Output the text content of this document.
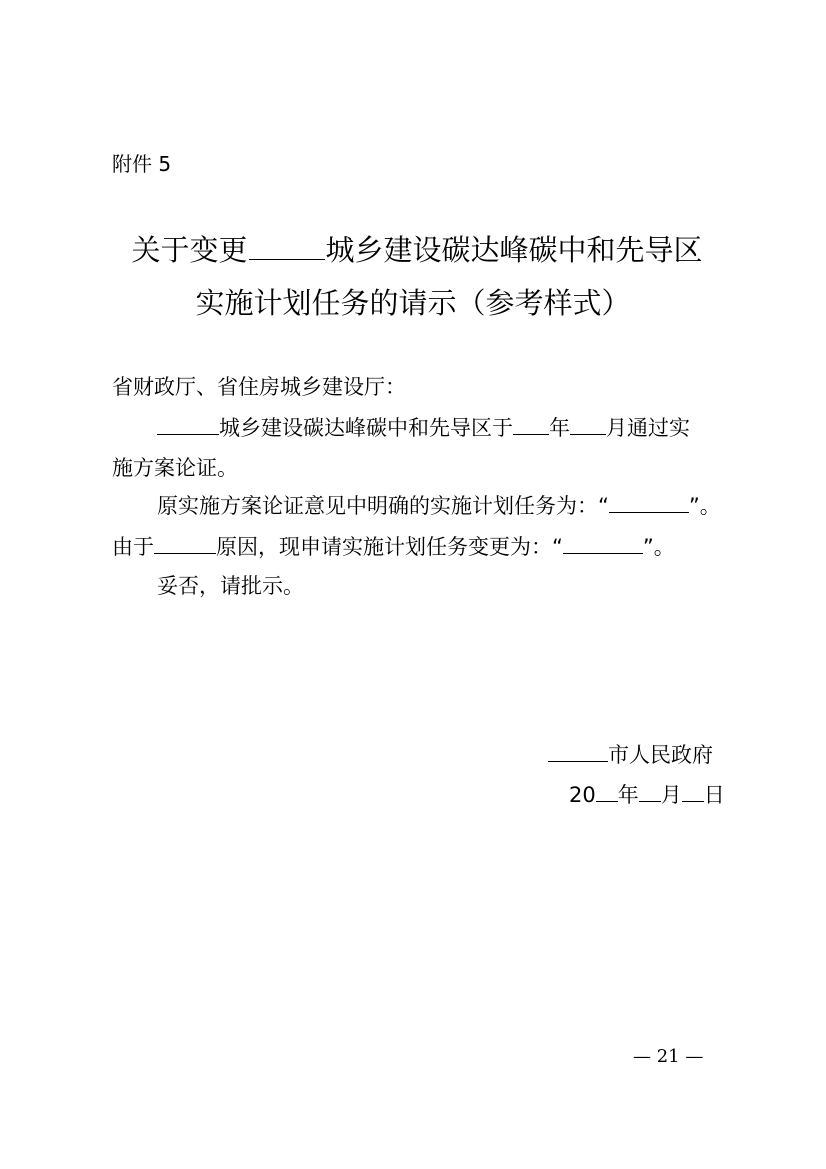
附件 5
关于变更	城乡建设碳达峰碳中和先导区
实施计划任务的请示（参考样式）
省财政厅、省住房城乡建设厅：
城乡建设碳达峰碳中和先导区于 年 月通过实
施方案论证。
原实施方案论证意见中明确的实施计划任务为：“	”。
由于	原因，现申请实施计划任务变更为：“	”。
妥否，请批示。
市人民政府
20 年 月 日
— 21 —
